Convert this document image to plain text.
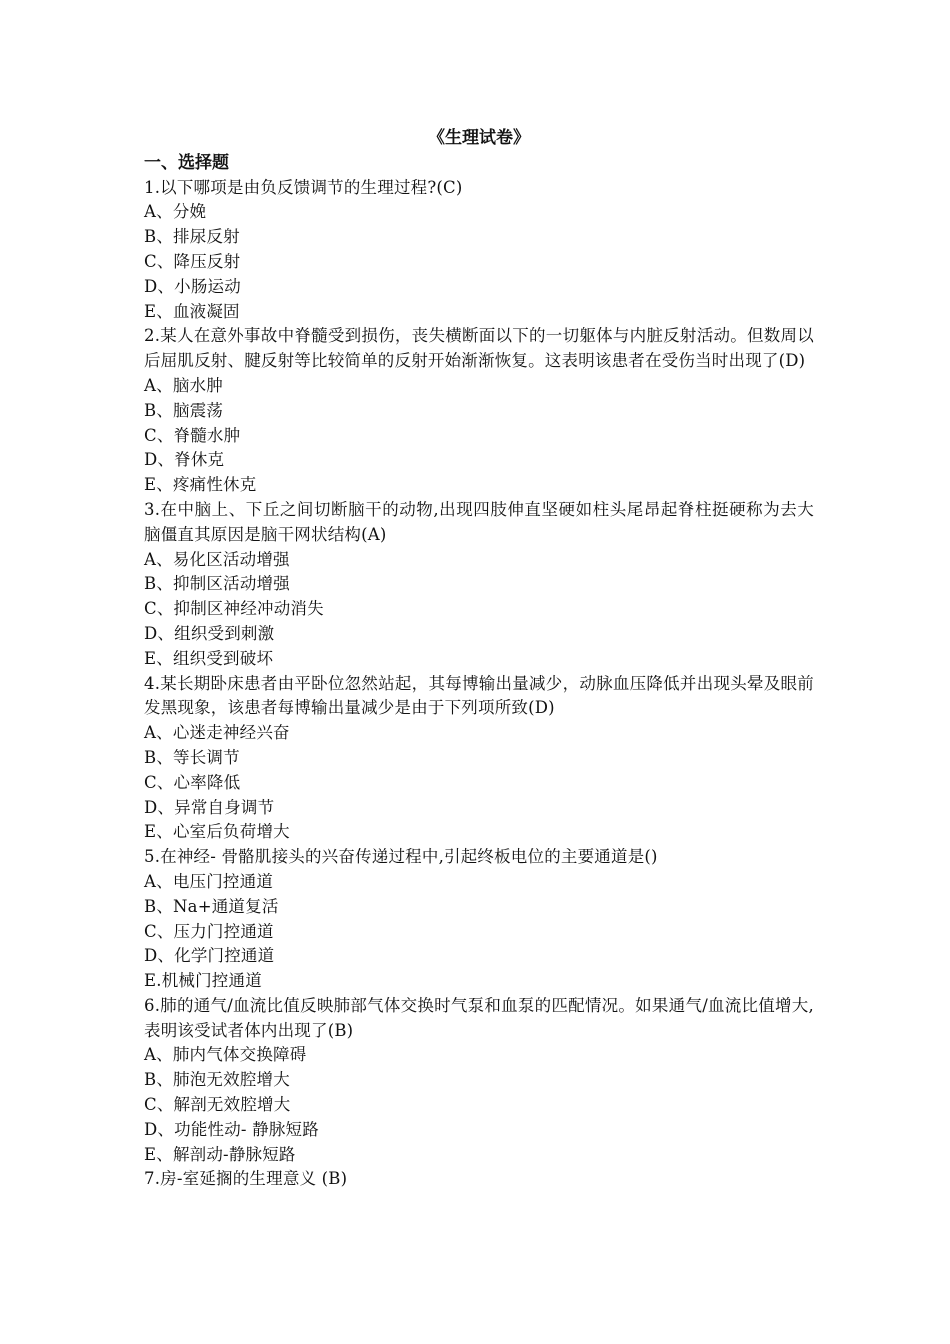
《生理试卷》
一、选择题

1.以下哪项是由负反馈调节的生理过程?(C)

A、分娩

B、排尿反射

C、降压反射

D、小肠运动

E、血液凝固

2.某人在意外事故中脊髓受到损伤，丧失横断面以下的一切躯体与内脏反射活动。但数周以后屈肌反射、腱反射等比较简单的反射开始渐渐恢复。这表明该患者在受伤当时出现了(D)

A、脑水肿

B、脑震荡

C、脊髓水肿

D、脊休克

E、疼痛性休克

3.在中脑上、下丘之间切断脑干的动物,出现四肢伸直坚硬如柱头尾昂起脊柱挺硬称为去大脑僵直其原因是脑干网状结构(A)

A、易化区活动增强

B、抑制区活动增强

C、抑制区神经冲动消失

D、组织受到刺激

E、组织受到破坏

4.某长期卧床患者由平卧位忽然站起，其每博输出量减少，动脉血压降低并出现头晕及眼前发黑现象，该患者每博输出量减少是由于下列项所致(D)

A、心迷走神经兴奋

B、等长调节

C、心率降低

D、异常自身调节

E、心室后负荷增大

5.在神经- 骨骼肌接头的兴奋传递过程中,引起终板电位的主要通道是()

A、电压门控通道

B、Na+通道复活

C、压力门控通道

D、化学门控通道

E.机械门控通道

6.肺的通气/血流比值反映肺部气体交换时气泵和血泵的匹配情况。如果通气/血流比值增大,表明该受试者体内出现了(B)

A、肺内气体交换障碍

B、肺泡无效腔增大

C、解剖无效腔增大

D、功能性动- 静脉短路

E、解剖动-静脉短路

7.房-室延搁的生理意义 (B)
